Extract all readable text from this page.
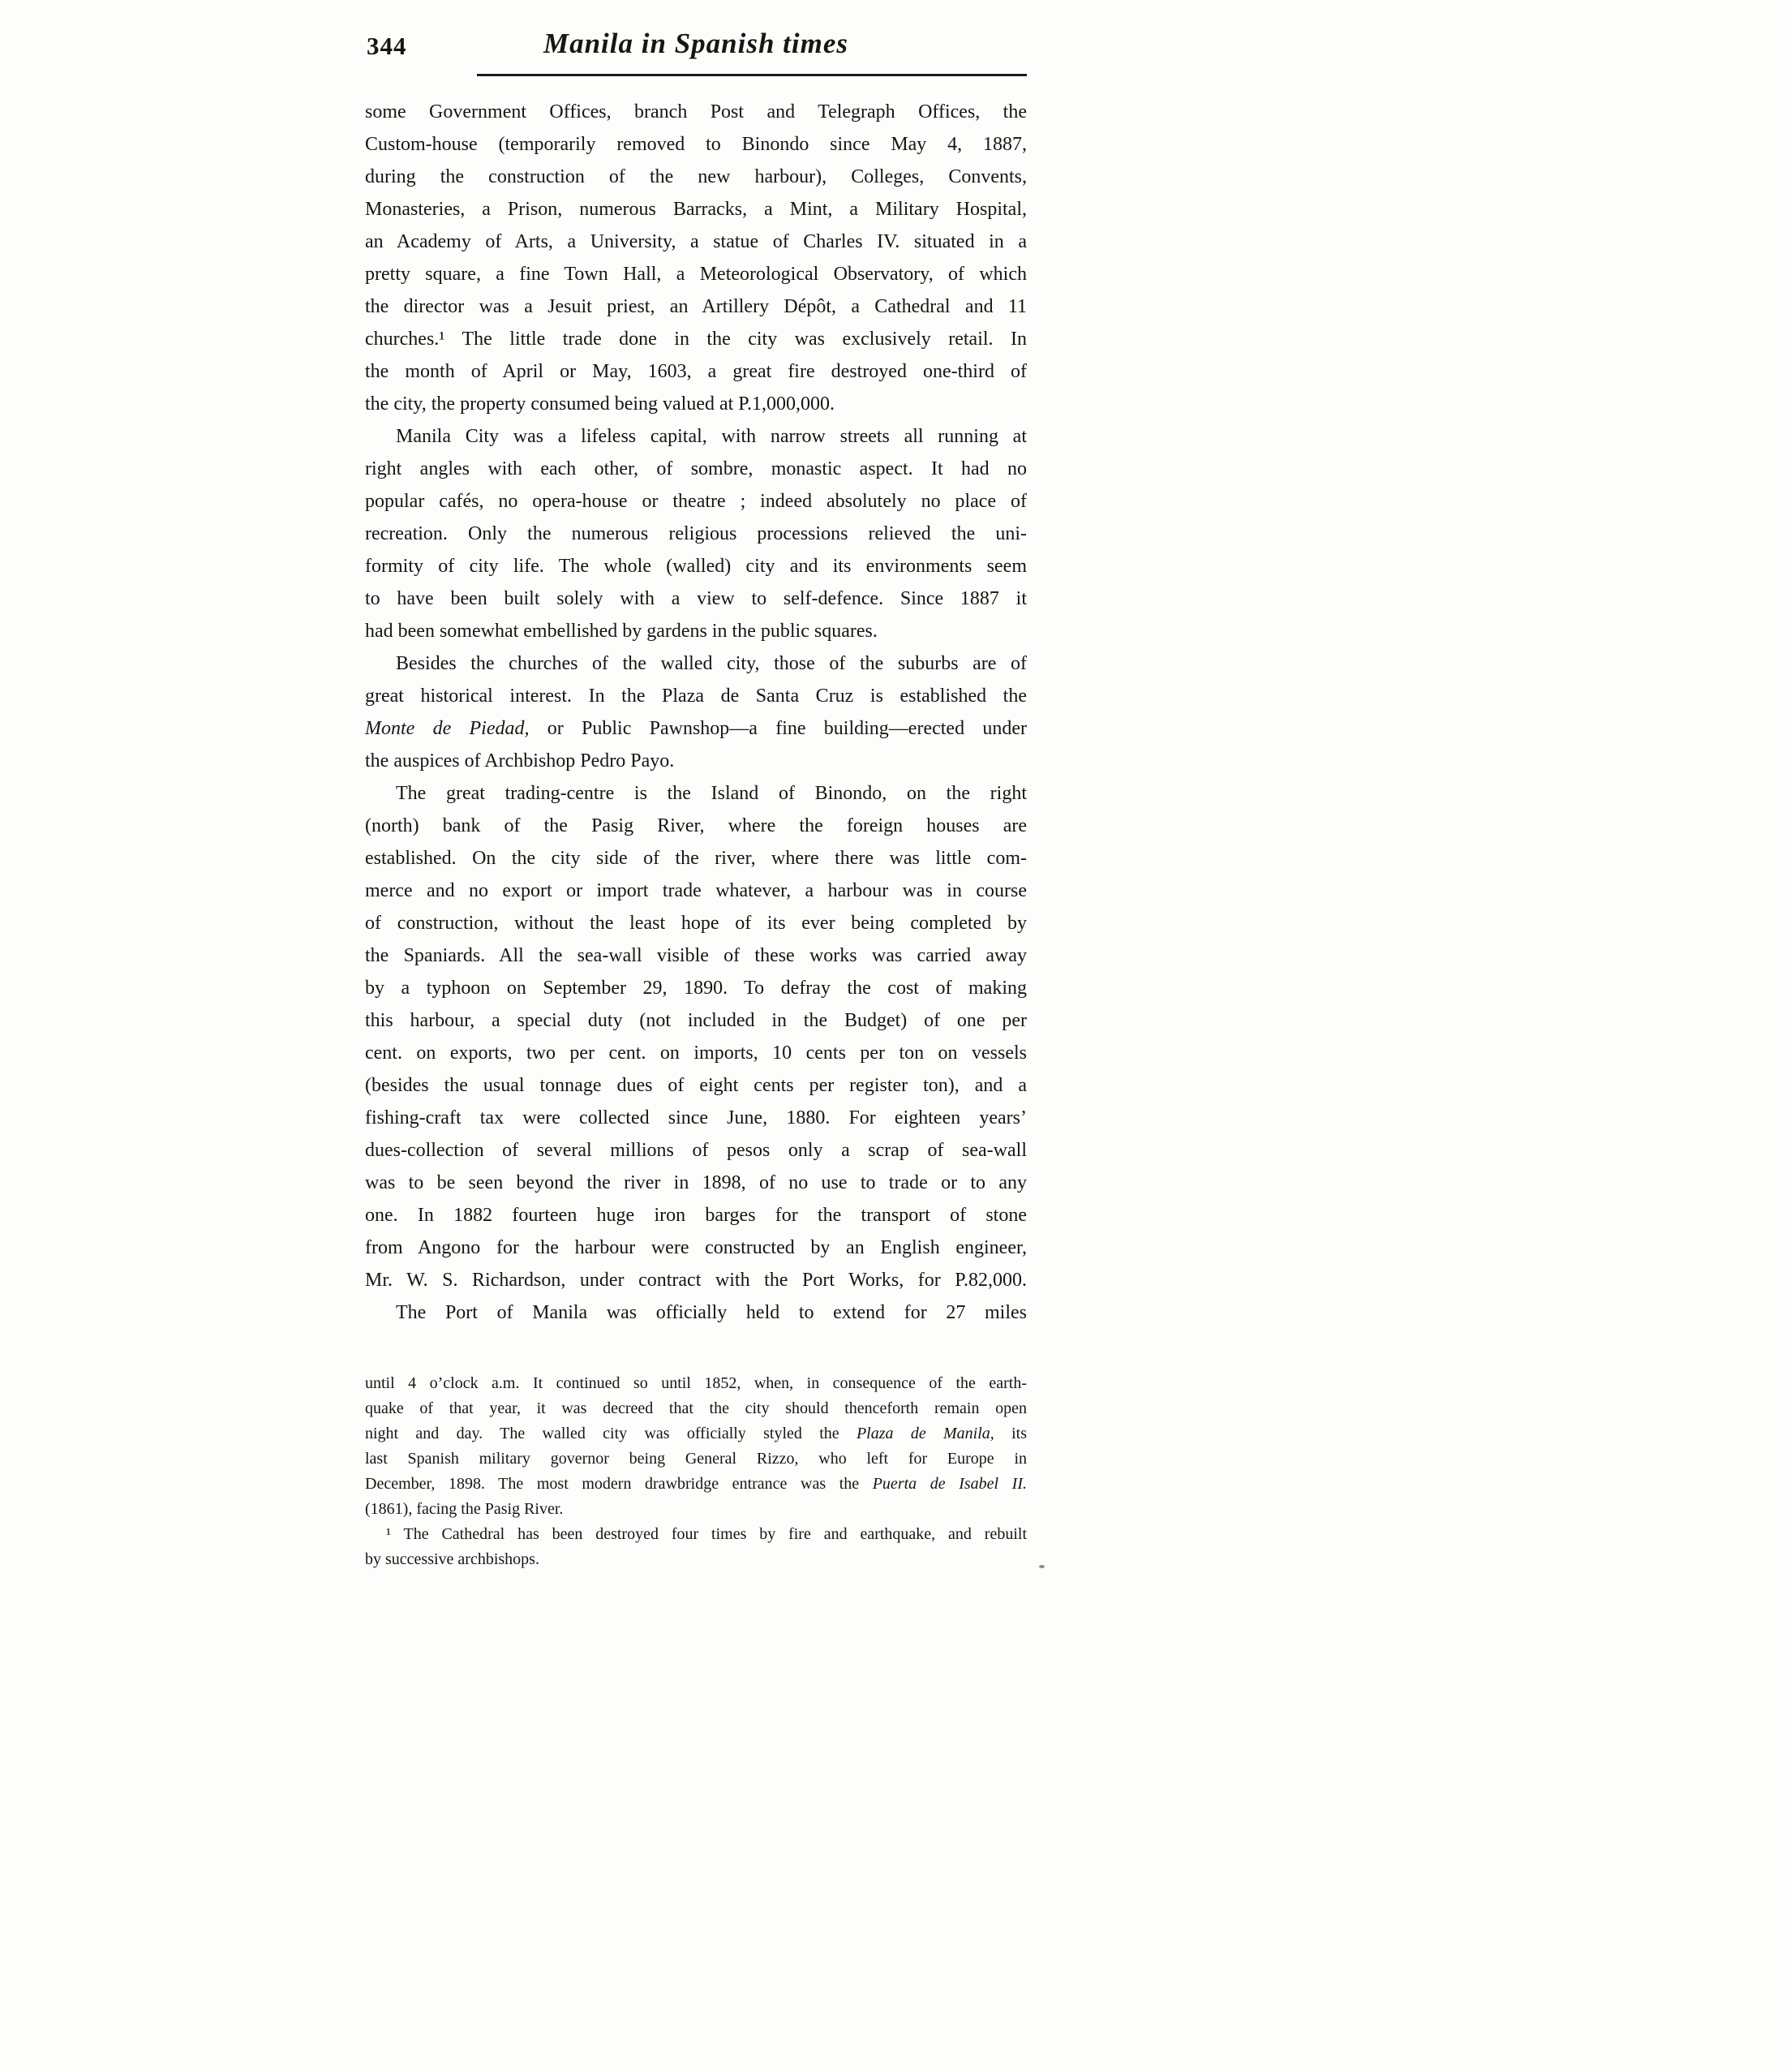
344	Manila in Spanish times
some Government Offices, branch Post and Telegraph Offices, the
Custom-house (temporarily removed to Binondo since May 4, 1887,
during the construction of the new harbour), Colleges, Convents,
Monasteries, a Prison, numerous Barracks, a Mint, a Military Hospital,
an Academy of Arts, a University, a statue of Charles IV. situated in a
pretty square, a fine Town Hall, a Meteorological Observatory, of which
the director was a Jesuit priest, an Artillery Dépôt, a Cathedral and 11
churches.¹ The little trade done in the city was exclusively retail. In
the month of April or May, 1603, a great fire destroyed one-third of
the city, the property consumed being valued at P.1,000,000.
Manila City was a lifeless capital, with narrow streets all running at
right angles with each other, of sombre, monastic aspect. It had no
popular cafés, no opera-house or theatre ; indeed absolutely no place of
recreation. Only the numerous religious processions relieved the uni-
formity of city life. The whole (walled) city and its environments seem
to have been built solely with a view to self-defence. Since 1887 it
had been somewhat embellished by gardens in the public squares.
Besides the churches of the walled city, those of the suburbs are of
great historical interest. In the Plaza de Santa Cruz is established the
Monte de Piedad, or Public Pawnshop—a fine building—erected under
the auspices of Archbishop Pedro Payo.
The great trading-centre is the Island of Binondo, on the right
(north) bank of the Pasig River, where the foreign houses are
established. On the city side of the river, where there was little com-
merce and no export or import trade whatever, a harbour was in course
of construction, without the least hope of its ever being completed by
the Spaniards. All the sea-wall visible of these works was carried away
by a typhoon on September 29, 1890. To defray the cost of making
this harbour, a special duty (not included in the Budget) of one per
cent. on exports, two per cent. on imports, 10 cents per ton on vessels
(besides the usual tonnage dues of eight cents per register ton), and a
fishing-craft tax were collected since June, 1880. For eighteen years’
dues-collection of several millions of pesos only a scrap of sea-wall
was to be seen beyond the river in 1898, of no use to trade or to any
one. In 1882 fourteen huge iron barges for the transport of stone
from Angono for the harbour were constructed by an English engineer,
Mr. W. S. Richardson, under contract with the Port Works, for P.82,000.
The Port of Manila was officially held to extend for 27 miles
until 4 o’clock a.m. It continued so until 1852, when, in consequence of the earth-
quake of that year, it was decreed that the city should thenceforth remain open
night and day. The walled city was officially styled the Plaza de Manila, its
last Spanish military governor being General Rizzo, who left for Europe in
December, 1898. The most modern drawbridge entrance was the Puerta de Isabel II.
(1861), facing the Pasig River.
¹ The Cathedral has been destroyed four times by fire and earthquake, and rebuilt
by successive archbishops.
